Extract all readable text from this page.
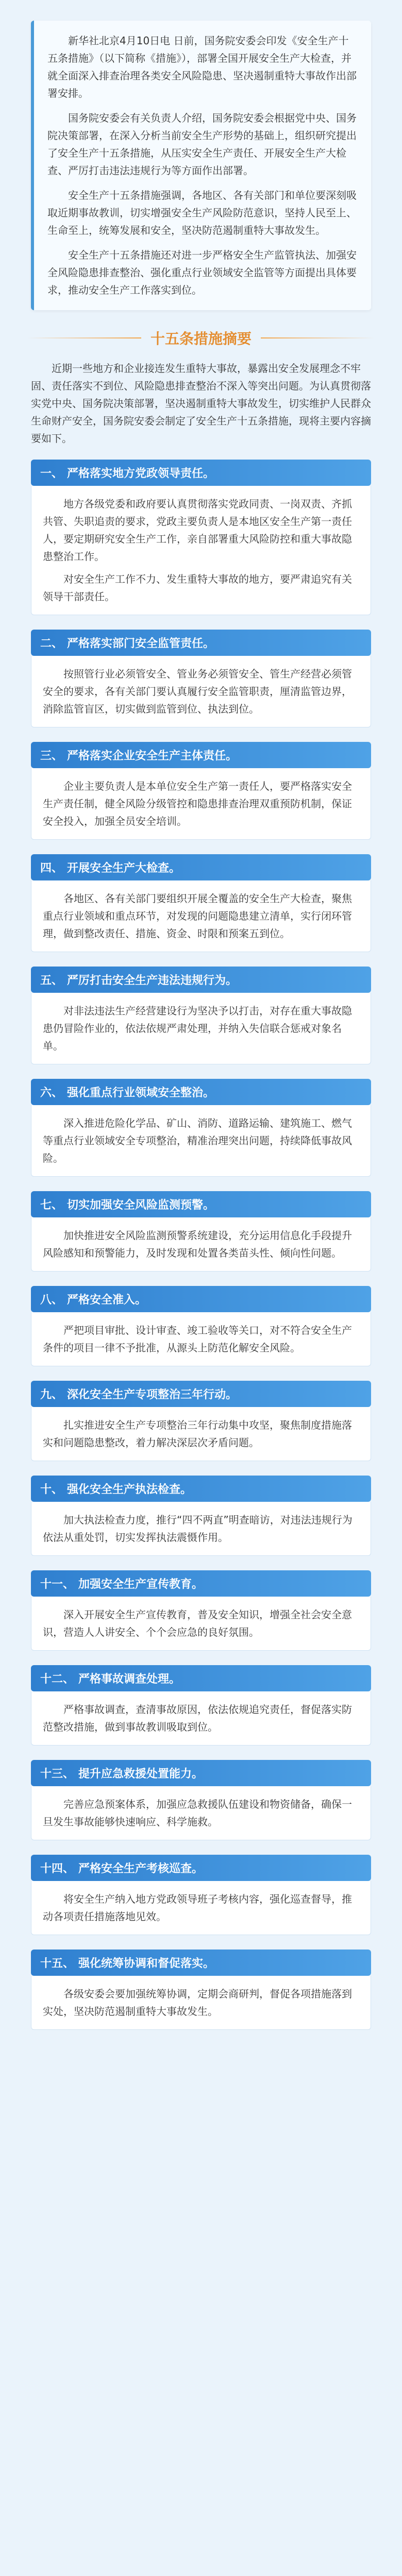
新华社北京4月10日电 日前，国务院安委会印发《安全生产十五条措施》（以下简称《措施》），部署全国开展安全生产大检查，并就全面深入排查治理各类安全风险隐患、坚决遏制重特大事故作出部署安排。

国务院安委会有关负责人介绍，国务院安委会根据党中央、国务院决策部署，在深入分析当前安全生产形势的基础上，组织研究提出了安全生产十五条措施，从压实安全生产责任、开展安全生产大检查、严厉打击违法违规行为等方面作出部署。

安全生产十五条措施强调，各地区、各有关部门和单位要深刻吸取近期事故教训，切实增强安全生产风险防范意识，坚持人民至上、生命至上，统筹发展和安全，坚决防范遏制重特大事故发生。

安全生产十五条措施还对进一步严格安全生产监管执法、加强安全风险隐患排查整治、强化重点行业领域安全监管等方面提出具体要求，推动安全生产工作落实到位。

十五条措施摘要

近期一些地方和企业接连发生重特大事故，暴露出安全发展理念不牢固、责任落实不到位、风险隐患排查整治不深入等突出问题。为认真贯彻落实党中央、国务院决策部署，坚决遏制重特大事故发生，切实维护人民群众生命财产安全，国务院安委会制定了安全生产十五条措施，现将主要内容摘要如下。

一、 严格落实地方党政领导责任。

地方各级党委和政府要认真贯彻落实党政同责、一岗双责、齐抓共管、失职追责的要求，党政主要负责人是本地区安全生产第一责任人，要定期研究安全生产工作，亲自部署重大风险防控和重大事故隐患整治工作。

对安全生产工作不力、发生重特大事故的地方，要严肃追究有关领导干部责任。

二、 严格落实部门安全监管责任。

按照管行业必须管安全、管业务必须管安全、管生产经营必须管安全的要求，各有关部门要认真履行安全监管职责，厘清监管边界，消除监管盲区，切实做到监管到位、执法到位。

三、 严格落实企业安全生产主体责任。

企业主要负责人是本单位安全生产第一责任人，要严格落实安全生产责任制，健全风险分级管控和隐患排查治理双重预防机制，保证安全投入，加强全员安全培训。

四、 开展安全生产大检查。

各地区、各有关部门要组织开展全覆盖的安全生产大检查，聚焦重点行业领域和重点环节，对发现的问题隐患建立清单，实行闭环管理，做到整改责任、措施、资金、时限和预案五到位。

五、 严厉打击安全生产违法违规行为。

对非法违法生产经营建设行为坚决予以打击，对存在重大事故隐患仍冒险作业的，依法依规严肃处理，并纳入失信联合惩戒对象名单。

六、 强化重点行业领域安全整治。

深入推进危险化学品、矿山、消防、道路运输、建筑施工、燃气等重点行业领域安全专项整治，精准治理突出问题，持续降低事故风险。

七、 切实加强安全风险监测预警。

加快推进安全风险监测预警系统建设，充分运用信息化手段提升风险感知和预警能力，及时发现和处置各类苗头性、倾向性问题。

八、 严格安全准入。

严把项目审批、设计审查、竣工验收等关口，对不符合安全生产条件的项目一律不予批准，从源头上防范化解安全风险。

九、 深化安全生产专项整治三年行动。

扎实推进安全生产专项整治三年行动集中攻坚，聚焦制度措施落实和问题隐患整改，着力解决深层次矛盾问题。

十、 强化安全生产执法检查。

加大执法检查力度，推行“四不两直”明查暗访，对违法违规行为依法从重处罚，切实发挥执法震慑作用。

十一、 加强安全生产宣传教育。

深入开展安全生产宣传教育，普及安全知识，增强全社会安全意识，营造人人讲安全、个个会应急的良好氛围。

十二、 严格事故调查处理。

严格事故调查，查清事故原因，依法依规追究责任，督促落实防范整改措施，做到事故教训吸取到位。

十三、 提升应急救援处置能力。

完善应急预案体系，加强应急救援队伍建设和物资储备，确保一旦发生事故能够快速响应、科学施救。

十四、 严格安全生产考核巡查。

将安全生产纳入地方党政领导班子考核内容，强化巡查督导，推动各项责任措施落地见效。

十五、 强化统筹协调和督促落实。

各级安委会要加强统筹协调，定期会商研判，督促各项措施落到实处，坚决防范遏制重特大事故发生。
